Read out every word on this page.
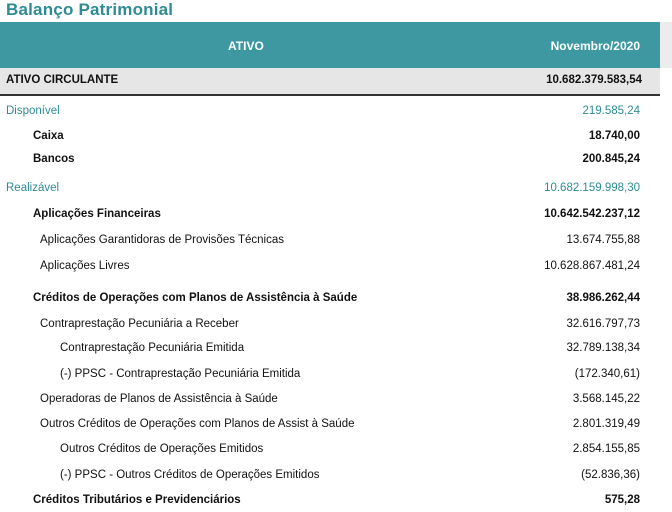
Balanço Patrimonial
ATIVO	Novembro/2020
ATIVO CIRCULANTE	10.682.379.583,54
Disponível	219.585,24
Caixa	18.740,00
Bancos	200.845,24
Realizável	10.682.159.998,30
Aplicações Financeiras	10.642.542.237,12
Aplicações Garantidoras de Provisões Técnicas	13.674.755,88
Aplicações Livres	10.628.867.481,24
Créditos de Operações com Planos de Assistência à Saúde	38.986.262,44
Contraprestação Pecuniária a Receber	32.616.797,73
Contraprestação Pecuniária Emitida	32.789.138,34
(-) PPSC - Contraprestação Pecuniária Emitida	(172.340,61)
Operadoras de Planos de Assistência à Saúde	3.568.145,22
Outros Créditos de Operações com Planos de Assist à Saúde	2.801.319,49
Outros Créditos de Operações Emitidos	2.854.155,85
(-) PPSC - Outros Créditos de Operações Emitidos	(52.836,36)
Créditos Tributários e Previdenciários	575,28
